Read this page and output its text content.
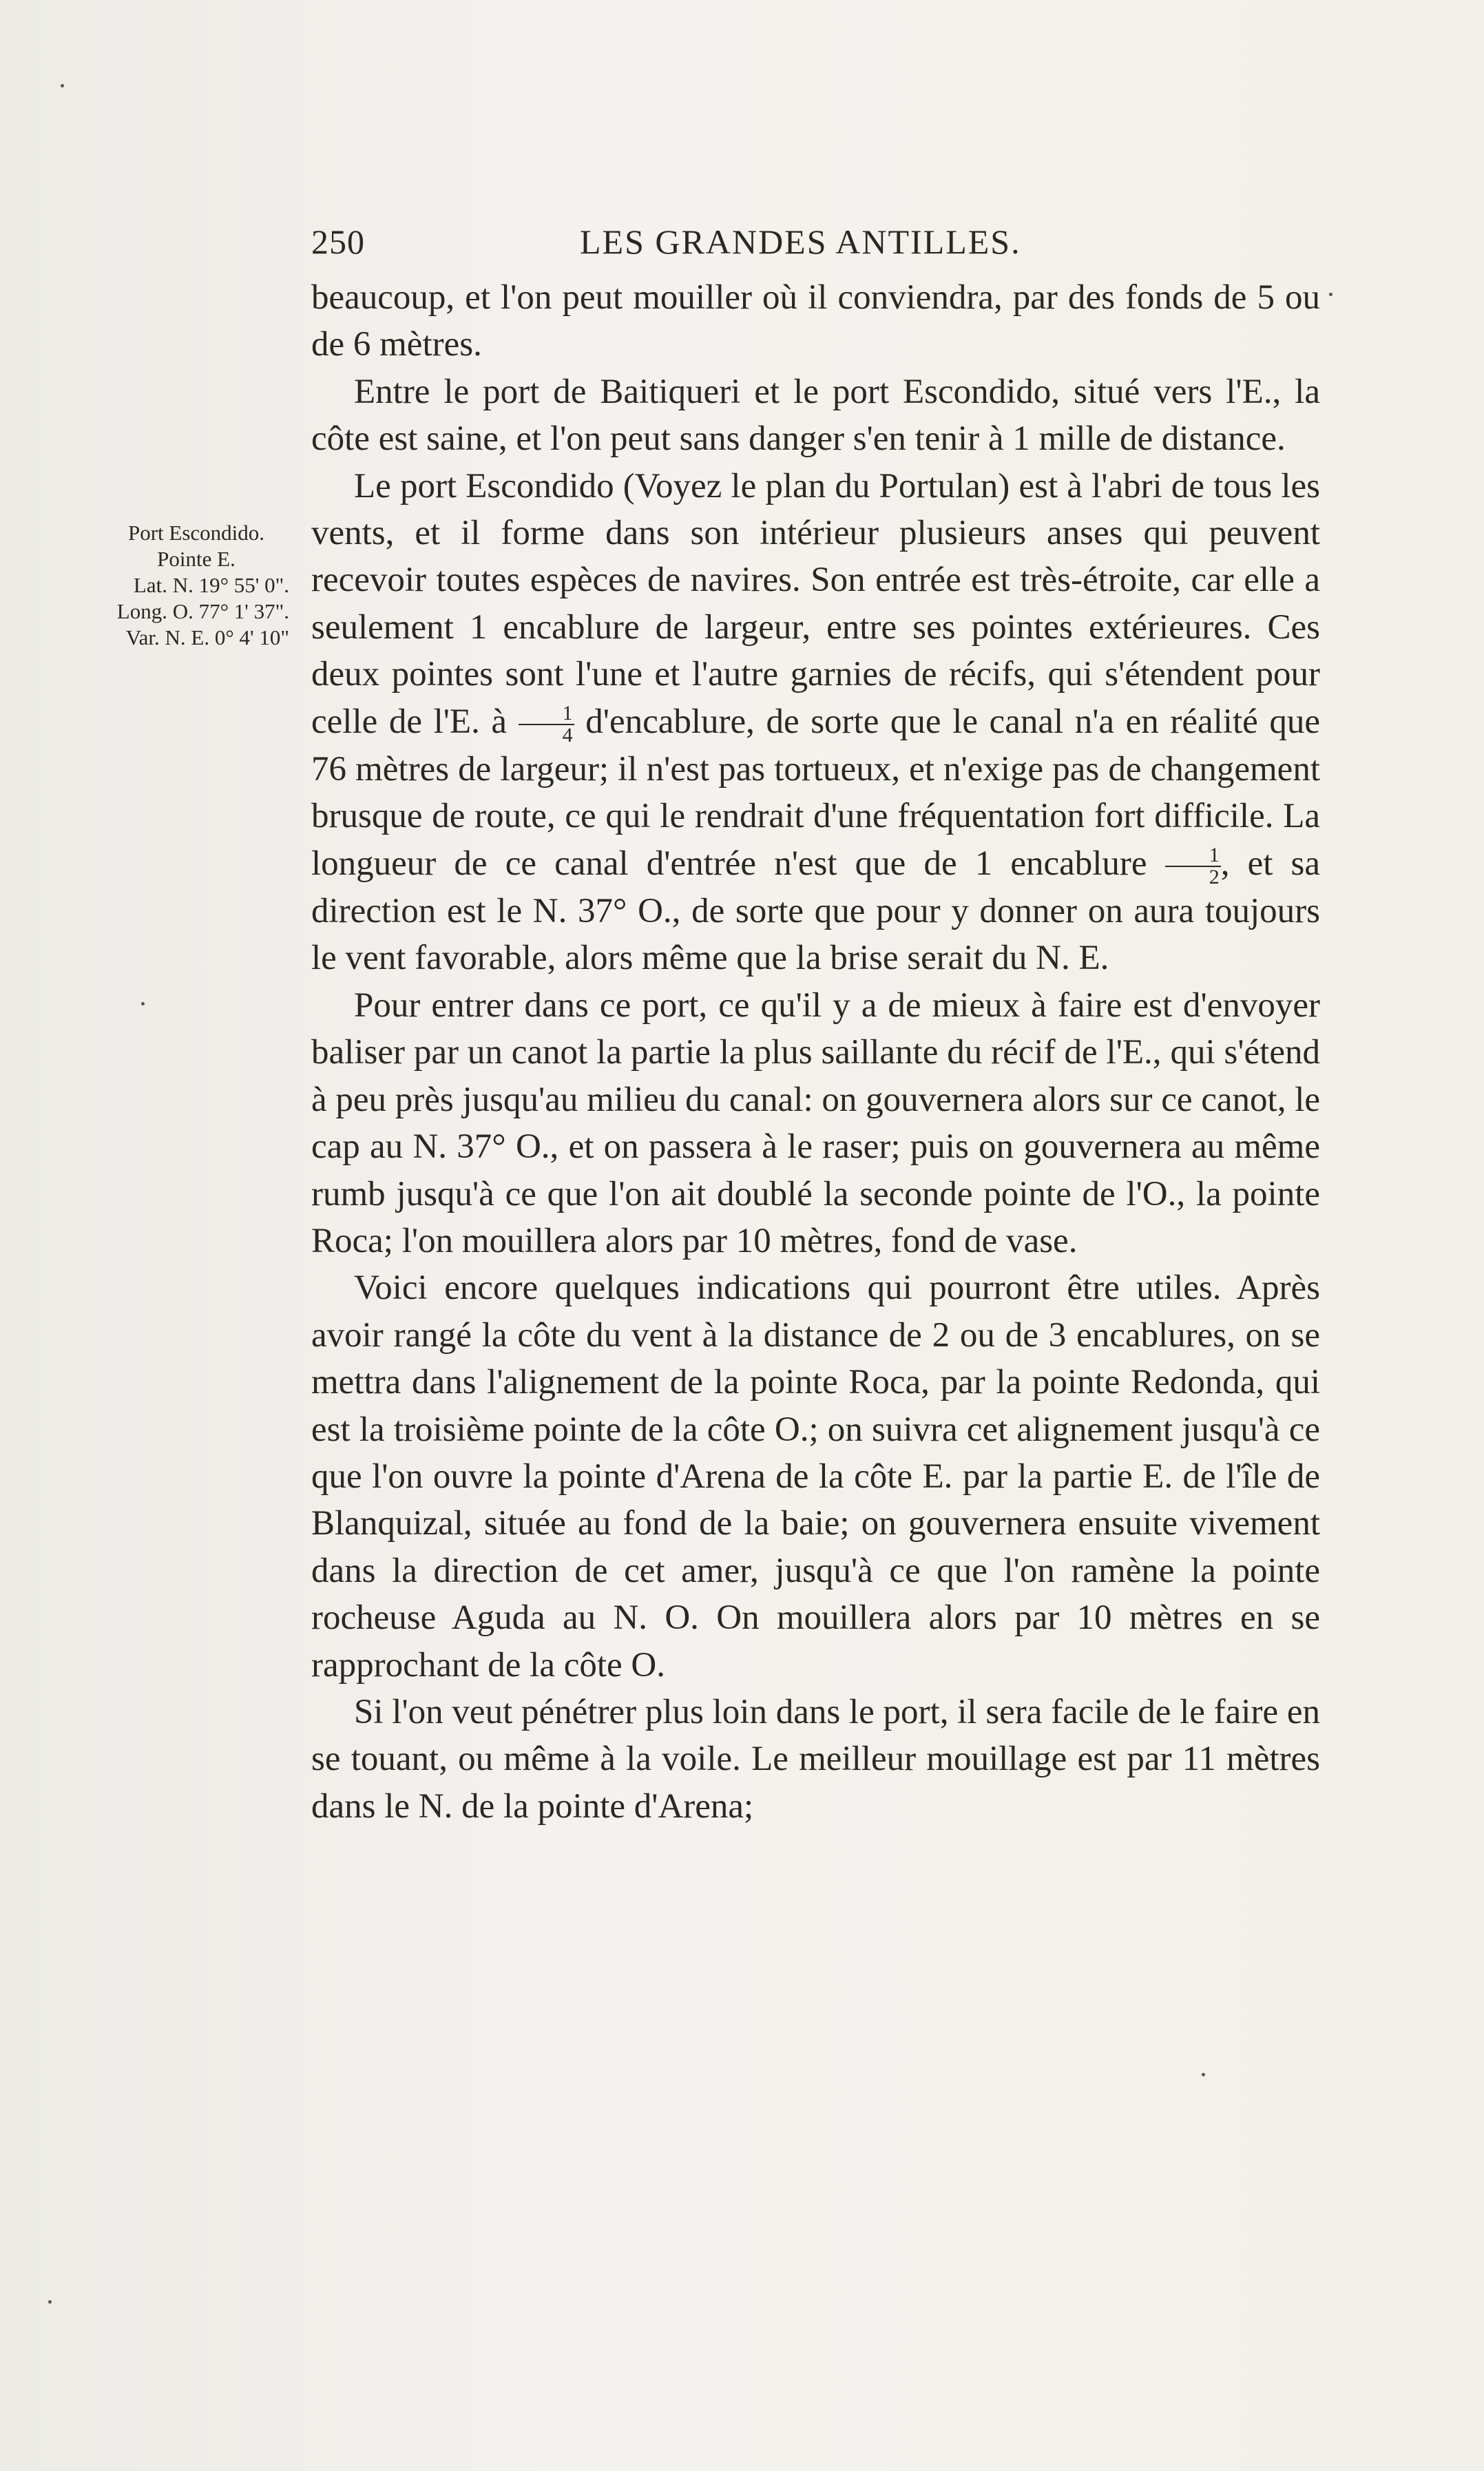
250	LES GRANDES ANTILLES.
Port Escondido.
Pointe E.
Lat. N. 19° 55' 0".
Long. O. 77° 1' 37".
Var. N. E. 0° 4' 10"

beaucoup, et l'on peut mouiller où il conviendra, par des fonds de 5 ou de 6 mètres.

Entre le port de Baitiqueri et le port Escondido, situé vers l'E., la côte est saine, et l'on peut sans danger s'en tenir à 1 mille de distance.

Le port Escondido (Voyez le plan du Portulan) est à l'abri de tous les vents, et il forme dans son intérieur plusieurs anses qui peuvent recevoir toutes espèces de navires. Son entrée est très-étroite, car elle a seulement 1 encablure de largeur, entre ses pointes extérieures. Ces deux pointes sont l'une et l'autre garnies de récifs, qui s'étendent pour celle de l'E. à $\frac{1}{4}$ d'encablure, de sorte que le canal n'a en réalité que 76 mètres de largeur; il n'est pas tortueux, et n'exige pas de changement brusque de route, ce qui le rendrait d'une fréquentation fort difficile. La longueur de ce canal d'entrée n'est que de 1 encablure $\frac{1}{2}$ , et sa direction est le N. 37° O., de sorte que pour y donner on aura toujours le vent favorable, alors même que la brise serait du N. E.

Pour entrer dans ce port, ce qu'il y a de mieux à faire est d'envoyer baliser par un canot la partie la plus saillante du récif de l'E., qui s'étend à peu près jusqu'au milieu du canal: on gouvernera alors sur ce canot, le cap au N. 37° O., et on passera à le raser; puis on gouvernera au même rumb jusqu'à ce que l'on ait doublé la seconde pointe de l'O., la pointe Roca; l'on mouillera alors par 10 mètres, fond de vase.

Voici encore quelques indications qui pourront être utiles. Après avoir rangé la côte du vent à la distance de 2 ou de 3 encablures, on se mettra dans l'alignement de la pointe Roca, par la pointe Redonda, qui est la troisième pointe de la côte O.; on suivra cet alignement jusqu'à ce que l'on ouvre la pointe d'Arena de la côte E. par la partie E. de l'île de Blanquizal, située au fond de la baie; on gouvernera ensuite vivement dans la direction de cet amer, jusqu'à ce que l'on ramène la pointe rocheuse Aguda au N. O. On mouillera alors par 10 mètres en se rapprochant de la côte O.

Si l'on veut pénétrer plus loin dans le port, il sera facile de le faire en se touant, ou même à la voile. Le meilleur mouillage est par 11 mètres dans le N. de la pointe d'Arena;
